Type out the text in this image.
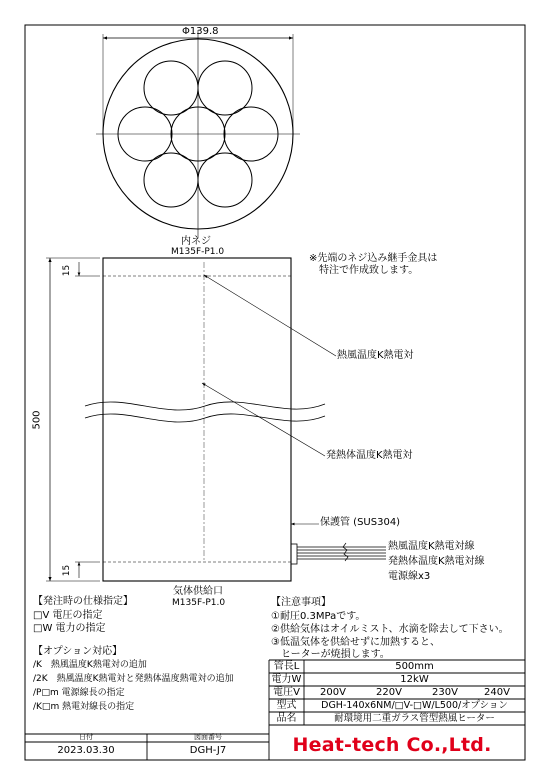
Φ139.8
内ネジ
M135F-P1.0
※先端のネジ込み継手金具は
特注で作成致します。
15
500
15
熱風温度K熱電対
発熱体温度K熱電対
保護管 (SUS304)
熱風温度K熱電対線
発熱体温度K熱電対線
電源線x3
気体供給口
M135F-P1.0
【発注時の仕様指定】
□V 電圧の指定
□W 電力の指定
【オプション対応】
/K　熱風温度K熱電対の追加
/2K　熱風温度K熱電対と発熱体温度熱電対の追加
/P□m 電源線長の指定
/K□m 熱電対線長の指定
【注意事項】
①耐圧0.3MPaです。
②供給気体はオイルミスト、水滴を除去して下さい。
③低温気体を供給せずに加熱すると、
　ヒーターが焼損します。
管長L	500mm
電力W	12kW
電圧V	200V	220V	230V	240V
型式	DGH-140x6NM/□V-□W/L500/オプション
品名	耐環境用二重ガラス管型熱風ヒーター
日付	図面番号
2023.03.30	DGH-J7	Heat-tech Co.,Ltd.
